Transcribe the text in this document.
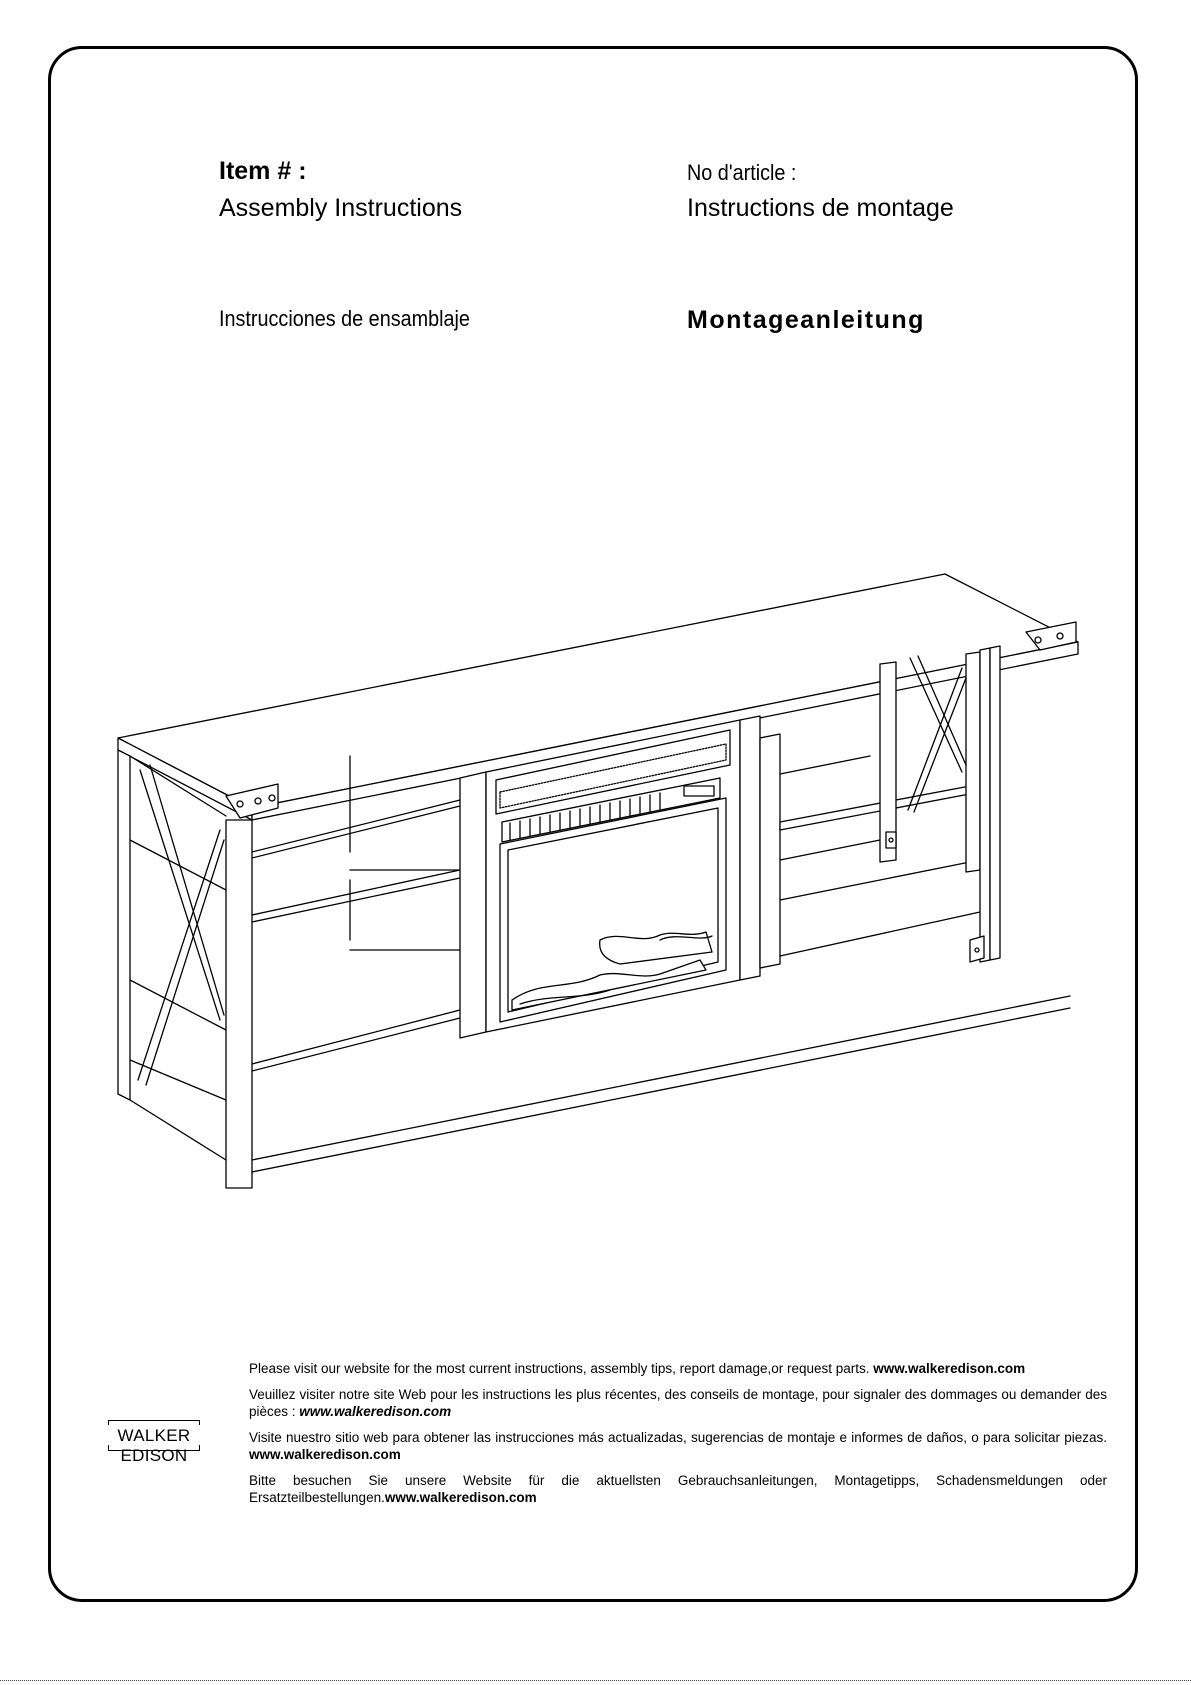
Item # :
Assembly Instructions
No d'article :
Instructions de montage
Instrucciones de ensamblaje	Montageanleitung
WALKER EDISON

Please visit our website for the most current instructions, assembly tips, report damage,or request parts. www.walkeredison.com

Veuillez visiter notre site Web pour les instructions les plus récentes, des conseils de montage, pour signaler des dommages ou demander des pièces : www.walkeredison.com

Visite nuestro sitio web para obtener las instrucciones más actualizadas, sugerencias de montaje e informes de daños, o para solicitar piezas. www.walkeredison.com

Bitte besuchen Sie unsere Website für die aktuellsten Gebrauchsanleitungen, Montagetipps, Schadensmeldungen oder Ersatzteilbestellungen.www.walkeredison.com
